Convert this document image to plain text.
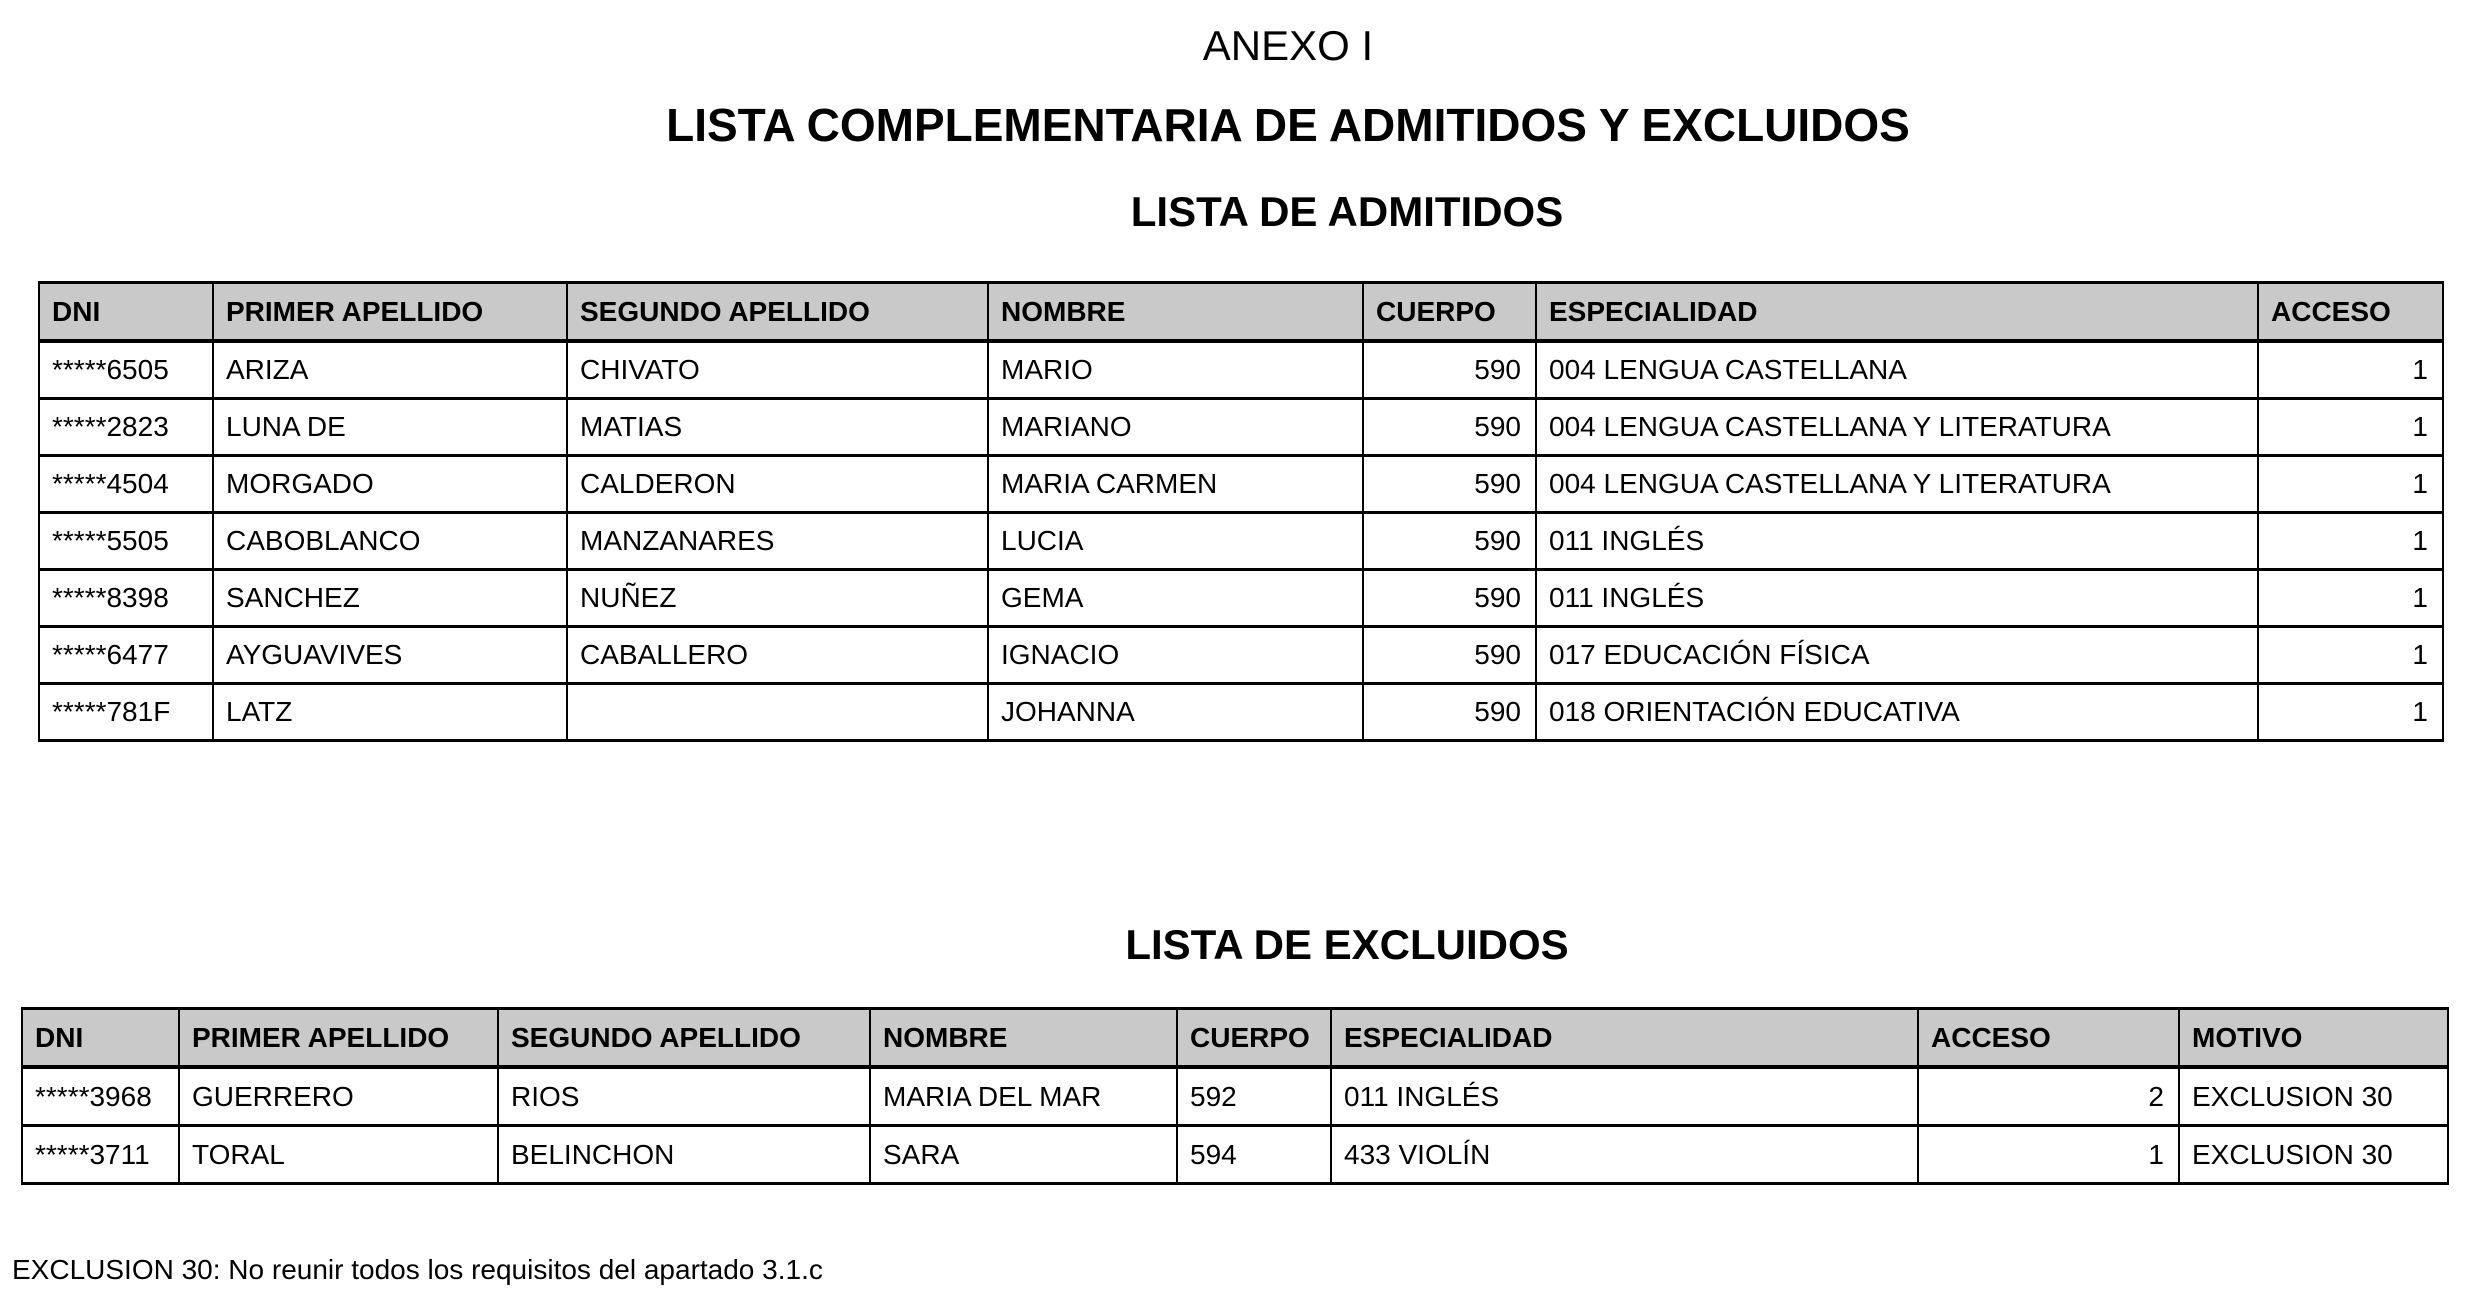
ANEXO I
LISTA COMPLEMENTARIA DE ADMITIDOS Y EXCLUIDOS
LISTA DE ADMITIDOS
DNI	PRIMER APELLIDO	SEGUNDO APELLIDO	NOMBRE	CUERPO	ESPECIALIDAD	ACCESO
*****6505	ARIZA	CHIVATO	MARIO	590	004 LENGUA CASTELLANA	1
*****2823	LUNA DE	MATIAS	MARIANO	590	004 LENGUA CASTELLANA Y LITERATURA	1
*****4504	MORGADO	CALDERON	MARIA CARMEN	590	004 LENGUA CASTELLANA Y LITERATURA	1
*****5505	CABOBLANCO	MANZANARES	LUCIA	590	011 INGLÉS	1
*****8398	SANCHEZ	NUÑEZ	GEMA	590	011 INGLÉS	1
*****6477	AYGUAVIVES	CABALLERO	IGNACIO	590	017 EDUCACIÓN FÍSICA	1
*****781F	LATZ		JOHANNA	590	018 ORIENTACIÓN EDUCATIVA	1
LISTA DE EXCLUIDOS
DNI	PRIMER APELLIDO	SEGUNDO APELLIDO	NOMBRE	CUERPO	ESPECIALIDAD	ACCESO	MOTIVO
*****3968	GUERRERO	RIOS	MARIA DEL MAR	592	011 INGLÉS	2	EXCLUSION 30
*****3711	TORAL	BELINCHON	SARA	594	433 VIOLÍN	1	EXCLUSION 30
EXCLUSION 30: No reunir todos los requisitos del apartado 3.1.c
